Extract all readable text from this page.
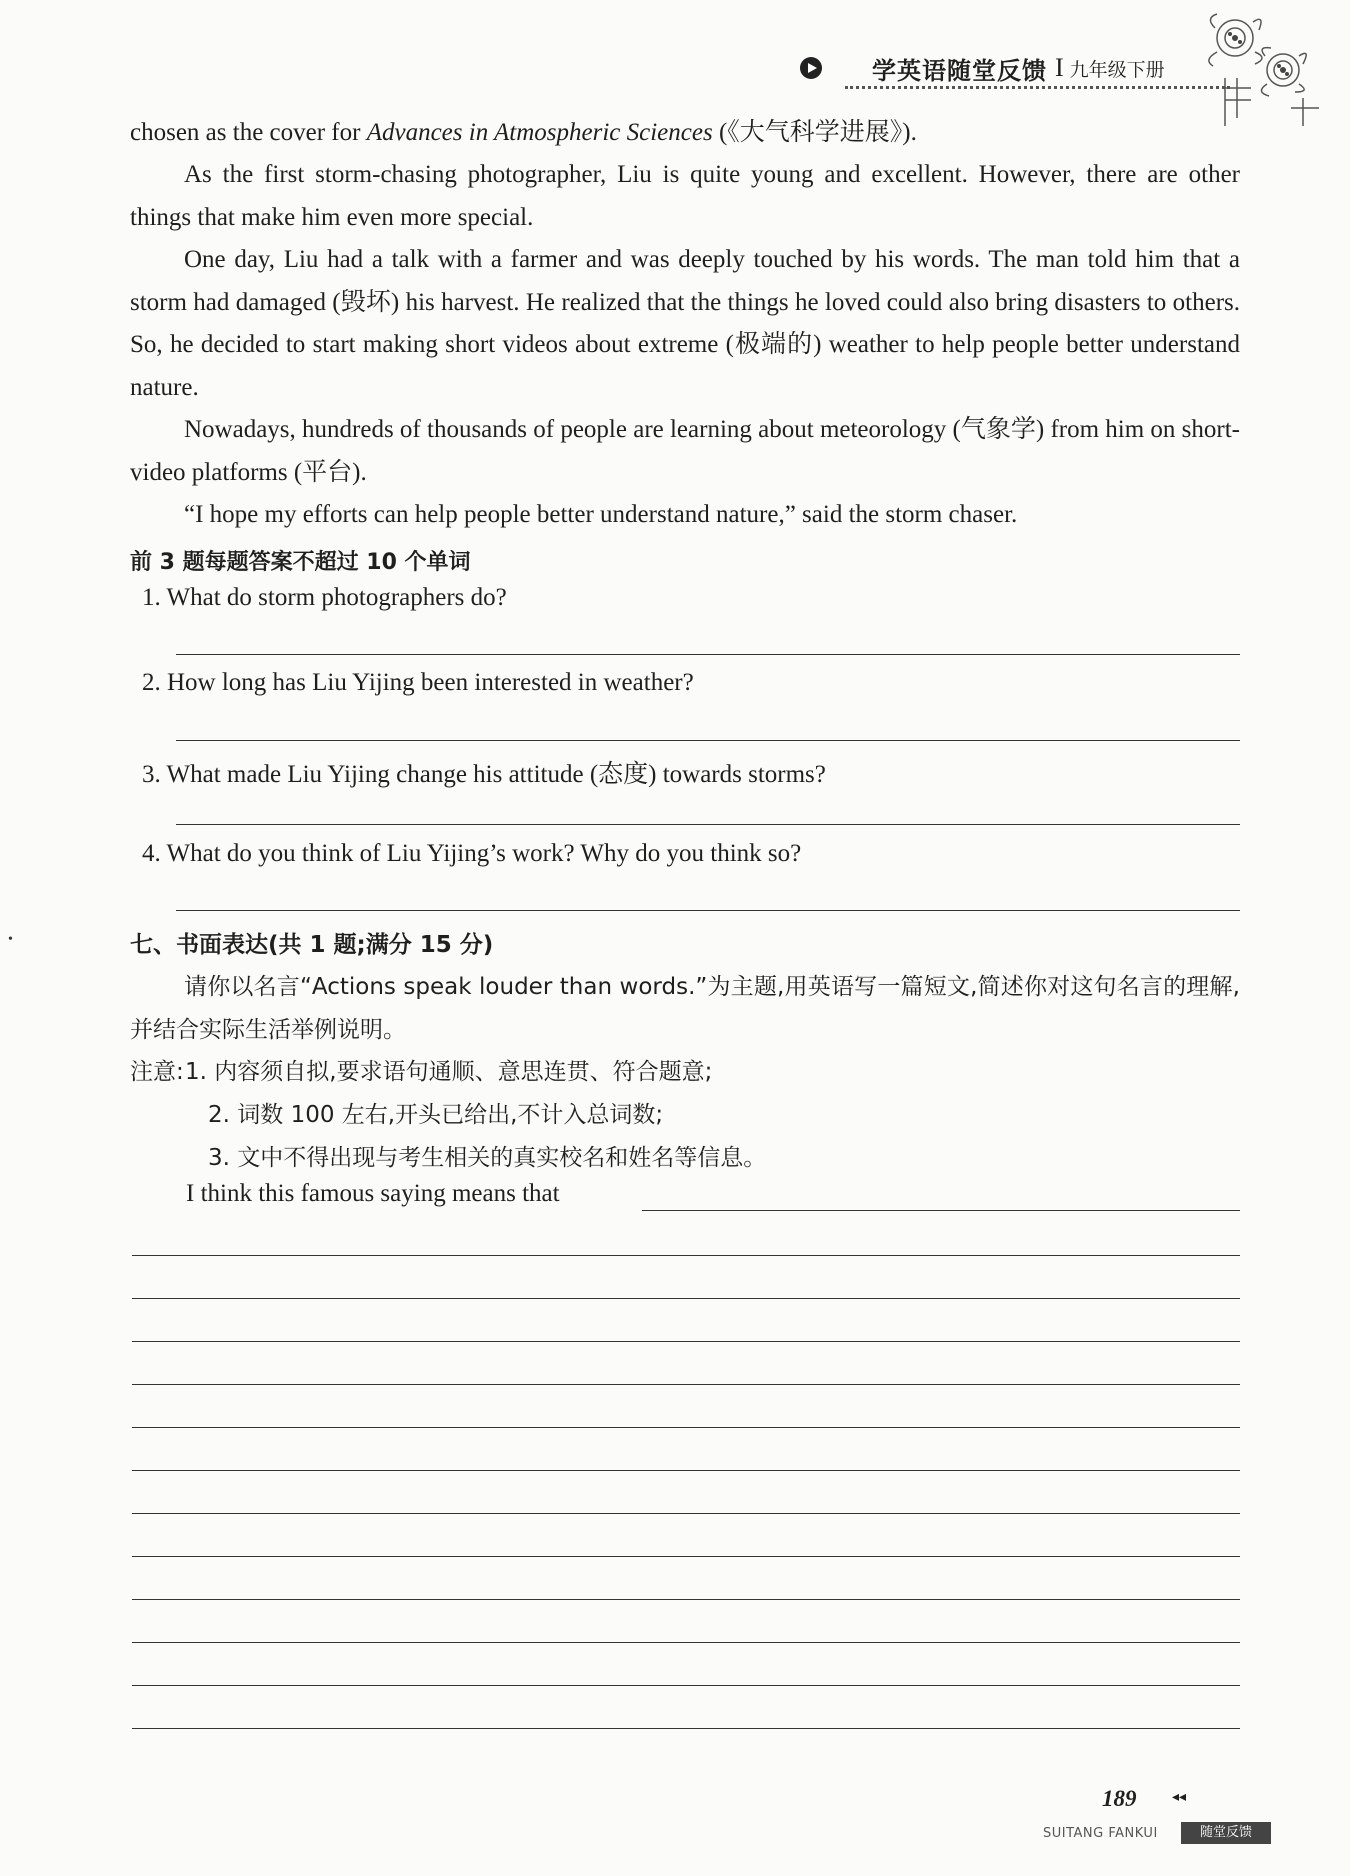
学英语随堂反馈 I 九年级下册

chosen as the cover for Advances in Atmospheric Sciences (《大气科学进展》).

As the first storm-chasing photographer, Liu is quite young and excellent. However, there are other things that make him even more special.

One day, Liu had a talk with a farmer and was deeply touched by his words. The man told him that a storm had damaged (毁坏) his harvest. He realized that the things he loved could also bring disasters to others. So, he decided to start making short videos about extreme (极端的) weather to help people better understand nature.

Nowadays, hundreds of thousands of people are learning about meteorology (气象学) from him on short-video platforms (平台).

“I hope my efforts can help people better understand nature,” said the storm chaser.

前 3 题每题答案不超过 10 个单词
1. What do storm photographers do?
2. How long has Liu Yijing been interested in weather?
3. What made Liu Yijing change his attitude (态度) towards storms?
4. What do you think of Liu Yijing’s work? Why do you think so?
七、书面表达(共 1 题;满分 15 分)
请你以名言“Actions speak louder than words.”为主题,用英语写一篇短文,简述你对这句名言的理解,并结合实际生活举例说明。
注意: 1. 内容须自拟,要求语句通顺、意思连贯、符合题意;
2. 词数 100 左右,开头已给出,不计入总词数;
3. 文中不得出现与考生相关的真实校名和姓名等信息。
I think this famous saying means that
•
189	◂◂
SUITANG FANKUI	随堂反馈
